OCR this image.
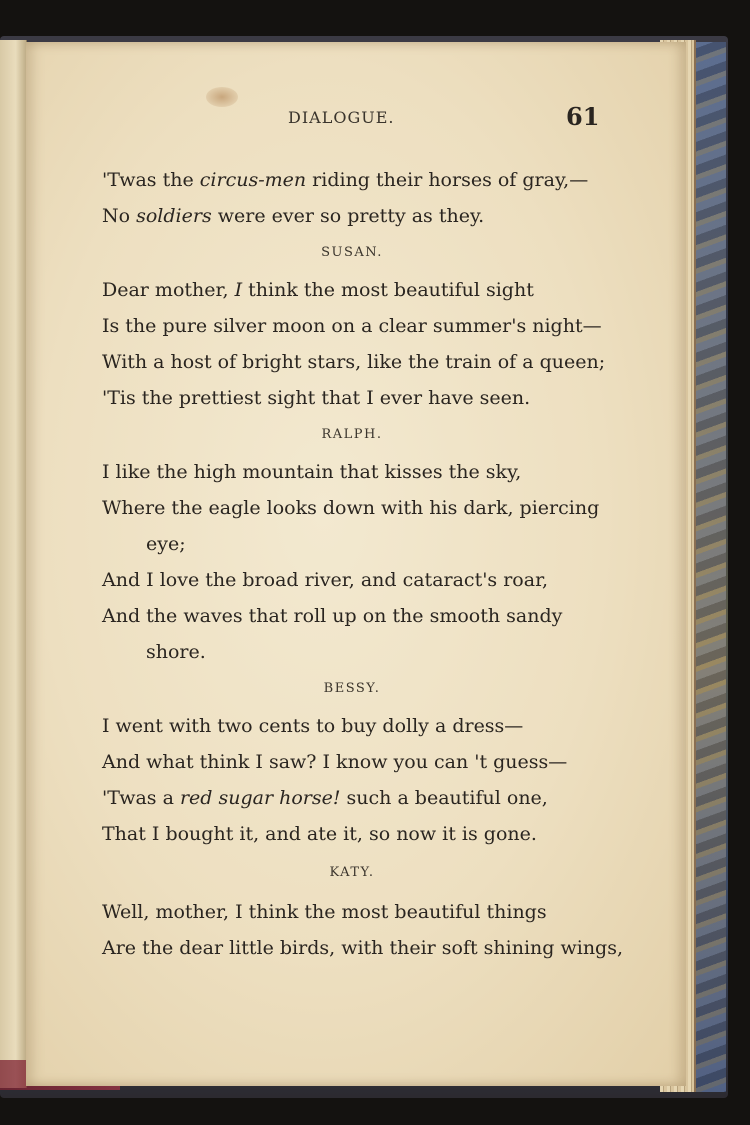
DIALOGUE.	61
'Twas the circus-men riding their horses of gray,—
No soldiers were ever so pretty as they.
SUSAN.
Dear mother, I think the most beautiful sight
Is the pure silver moon on a clear summer's night—
With a host of bright stars, like the train of a queen;
'Tis the prettiest sight that I ever have seen.
RALPH.
I like the high mountain that kisses the sky,
Where the eagle looks down with his dark, piercing
eye;
And I love the broad river, and cataract's roar,
And the waves that roll up on the smooth sandy
shore.
BESSY.
I went with two cents to buy dolly a dress—
And what think I saw? I know you can 't guess—
'Twas a red sugar horse! such a beautiful one,
That I bought it, and ate it, so now it is gone.
KATY.
Well, mother, I think the most beautiful things
Are the dear little birds, with their soft shining wings,
